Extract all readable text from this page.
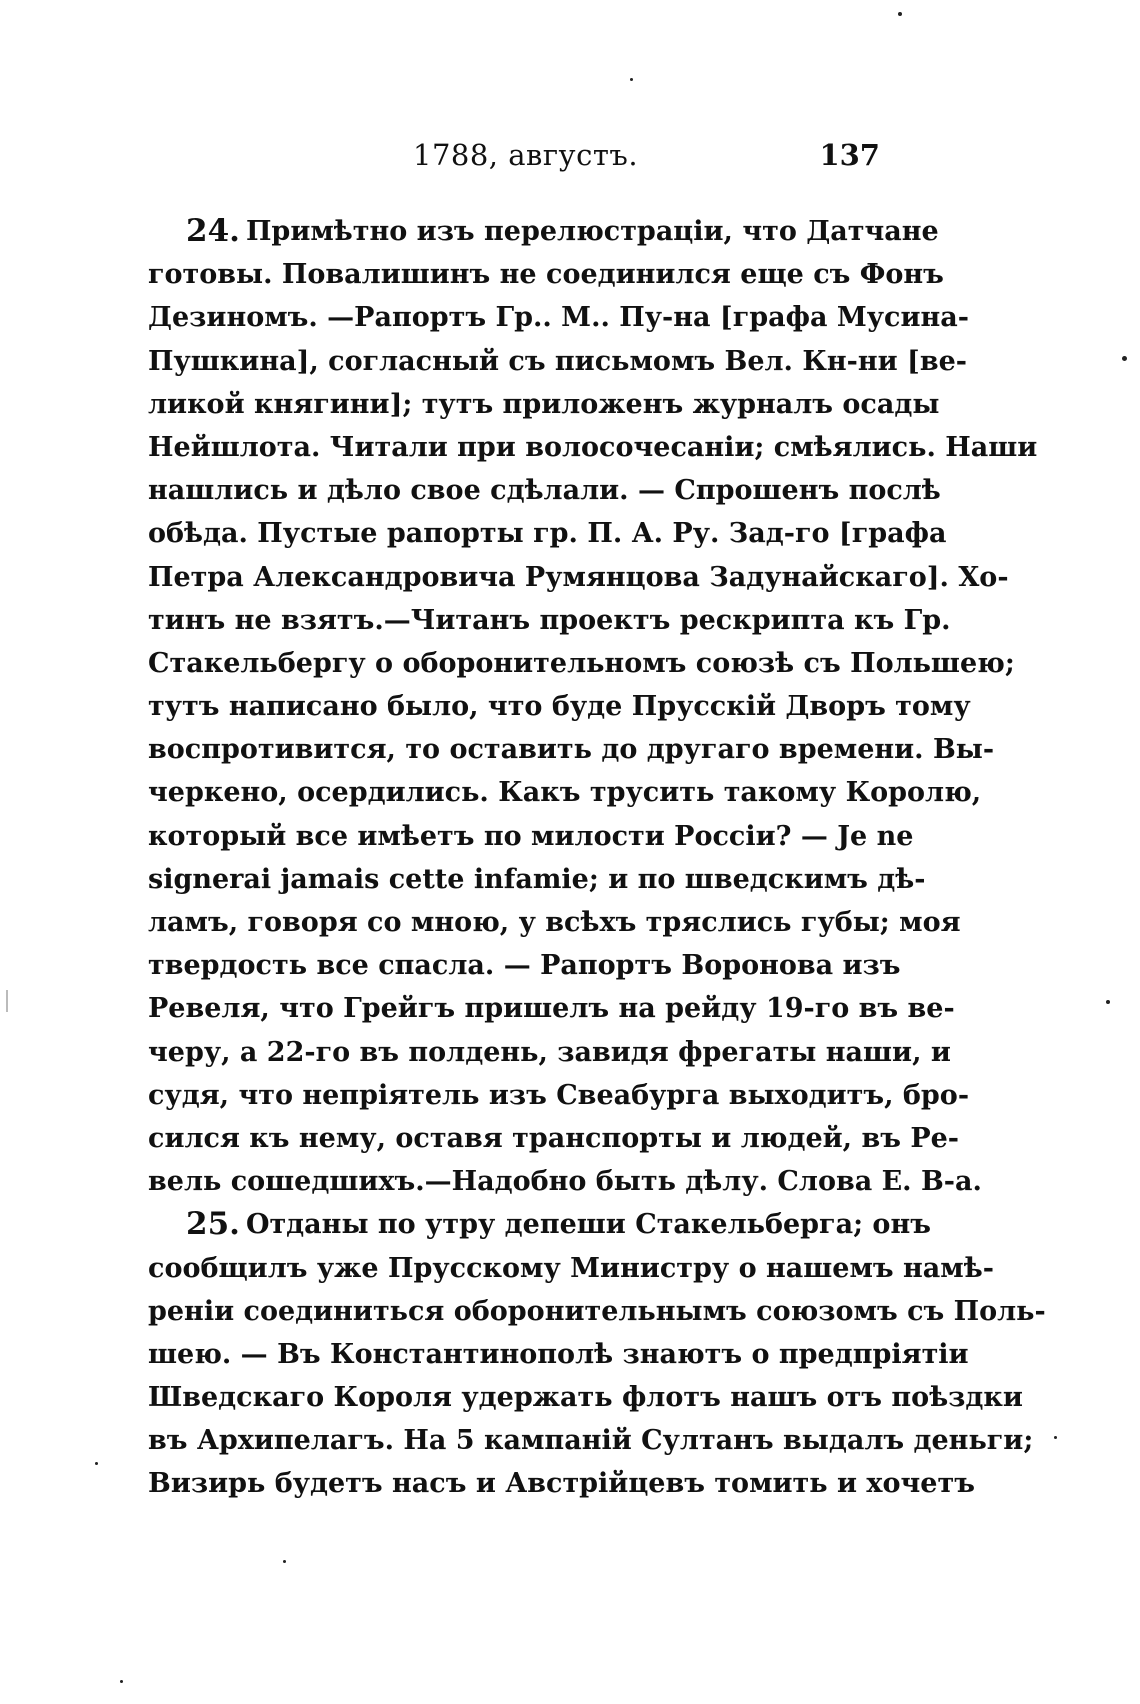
1788, августъ.	137
24. Примѣтно изъ перелюстраціи, что Датчане
готовы. Повалишинъ не соединился еще съ Фонъ
Дезиномъ. —Рапортъ Гр.. М.. Пу-на [графа Мусина-
Пушкина], согласный съ письмомъ Вел. Кн-ни [ве-
ликой княгини]; тутъ приложенъ журналъ осады
Нейшлота. Читали при волосочесаніи; смѣялись. Наши
нашлись и дѣло свое сдѣлали. — Спрошенъ послѣ
обѣда. Пустые рапорты гр. П. А. Ру. Зад-го [графа
Петра Александровича Румянцова Задунайскаго]. Хо-
тинъ не взятъ.—Читанъ проектъ рескрипта къ Гр.
Стакельбергу о оборонительномъ союзѣ съ Польшею;
тутъ написано было, что буде Прусскій Дворъ тому
воспротивится, то оставить до другаго времени. Вы-
черкено, осердились. Какъ трусить такому Королю,
который все имѣетъ по милости Россіи? — Je ne
signerai jamais cette infamie; и по шведскимъ дѣ-
ламъ, говоря со мною, у всѣхъ тряслись губы; моя
твердость все спасла. — Рапортъ Воронова изъ
Ревеля, что Грейгъ пришелъ на рейду 19-го въ ве-
черу, а 22-го въ полдень, завидя фрегаты наши, и
судя, что непріятель изъ Свеабурга выходитъ, бро-
сился къ нему, оставя транспорты и людей, въ Ре-
вель сошедшихъ.—Надобно быть дѣлу. Слова Е. В-а.
25. Отданы по утру депеши Стакельберга; онъ
сообщилъ уже Прусскому Министру о нашемъ намѣ-
реніи соединиться оборонительнымъ союзомъ съ Поль-
шею. — Въ Константинополѣ знаютъ о предпріятіи
Шведскаго Короля удержать флотъ нашъ отъ поѣздки
въ Архипелагъ. На 5 кампаній Султанъ выдалъ деньги;
Визирь будетъ насъ и Австрійцевъ томить и хочетъ
